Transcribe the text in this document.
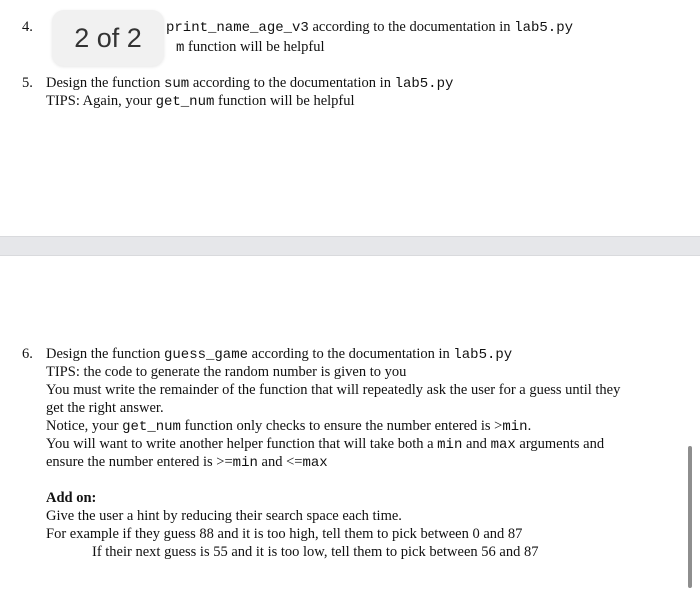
4.	print_name_age_v3 according to the documentation in lab5.py
m function will be helpful
2 of 2
5. Design the function sum according to the documentation in lab5.py
TIPS: Again, your get_num function will be helpful
6. Design the function guess_game according to the documentation in lab5.py
TIPS: the code to generate the random number is given to you
You must write the remainder of the function that will repeatedly ask the user for a guess until they
get the right answer.
Notice, your get_num function only checks to ensure the number entered is >min.
You will want to write another helper function that will take both a min and max arguments and
ensure the number entered is >=min and <=max
Add on:
Give the user a hint by reducing their search space each time.
For example if they guess 88 and it is too high, tell them to pick between 0 and 87
If their next guess is 55 and it is too low, tell them to pick between 56 and 87
